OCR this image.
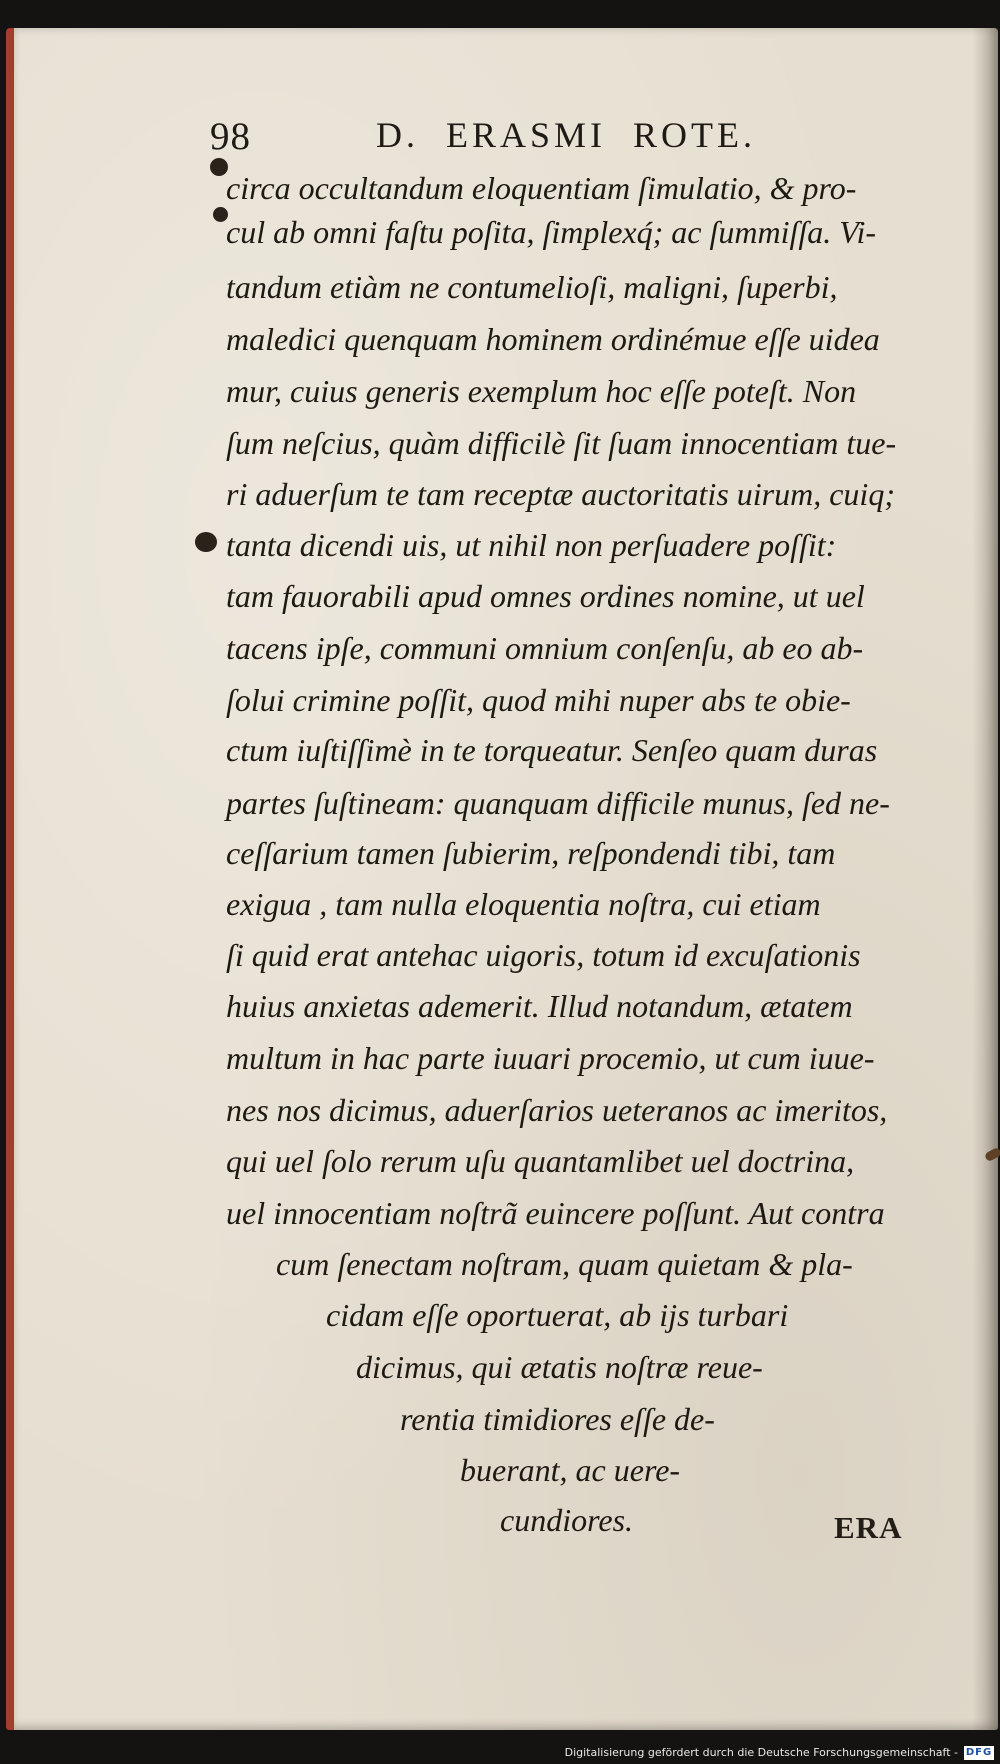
98	D. ERASMI ROTE.
circa occultandum eloquentiam ſimulatio, & pro-
cul ab omni faſtu poſita, ſimplexq́; ac ſummiſſa. Vi-
tandum etiàm ne contumelioſi, maligni, ſuperbi,
maledici quenquam hominem ordinémue eſſe uidea
mur, cuius generis exemplum hoc eſſe poteſt. Non
ſum neſcius, quàm difficilè ſit ſuam innocentiam tue-
ri aduerſum te tam receptæ auctoritatis uirum, cuiq;
tanta dicendi uis, ut nihil non perſuadere poſſit:
tam fauorabili apud omnes ordines nomine, ut uel
tacens ipſe, communi omnium conſenſu, ab eo ab-
ſolui crimine poſſit, quod mihi nuper abs te obie-
ctum iuſtiſſimè in te torqueatur. Senſeo quam duras
partes ſuſtineam: quanquam difficile munus, ſed ne-
ceſſarium tamen ſubierim, reſpondendi tibi, tam
exigua , tam nulla eloquentia noſtra, cui etiam
ſi quid erat antehac uigoris, totum id excuſationis
huius anxietas ademerit. Illud notandum, ætatem
multum in hac parte iuuari procemio, ut cum iuue-
nes nos dicimus, aduerſarios ueteranos ac imeritos,
qui uel ſolo rerum uſu quantamlibet uel doctrina,
uel innocentiam noſtrã euincere poſſunt. Aut contra
cum ſenectam noſtram, quam quietam & pla-
cidam eſſe oportuerat, ab ijs turbari
dicimus, qui ætatis noſtræ reue-
rentia timidiores eſſe de-
buerant, ac uere-
cundiores.	ERA
Digitalisierung gefördert durch die Deutsche Forschungsgemeinschaft - DFG
